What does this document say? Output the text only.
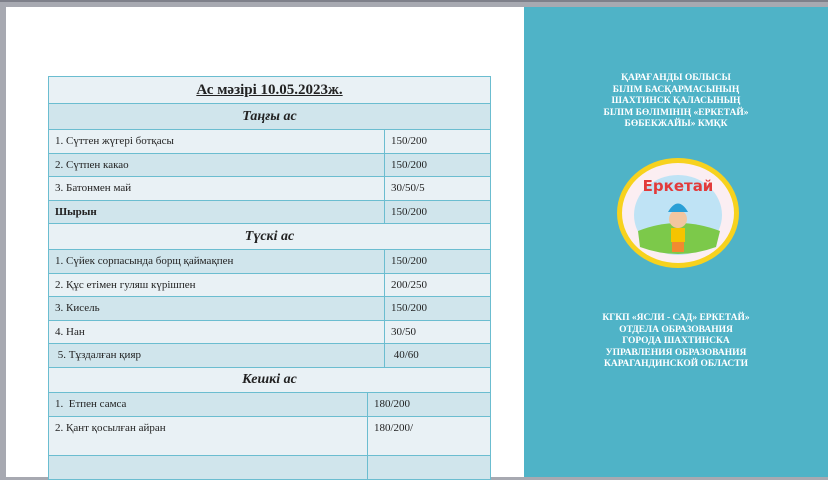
Ас мәзірі 10.05.2023ж.	
Таңғы ас	
1. Сүттен жүгері ботқасы	150/200
2. Сүтпен какао	150/200
3. Батонмен май	30/50/5
Шырын	150/200
Түскі ас	
1. Сүйек сорпасында борщ қаймақпен	150/200
2. Құс етімен гуляш күрішпен	200/250
3. Кисель	150/200
4. Нан	30/50
5. Тұздалған қияр	40/60
Кешкі ас	
1.  Етпен самса	180/200
2. Қант қосылған айран	180/200/

ҚАРАҒАНДЫ ОБЛЫСЫ
БІЛІМ БАСҚАРМАСЫНЫҢ
ШАХТИНСК ҚАЛАСЫНЫҢ
БІЛІМ БӨЛІМІНІҢ «ЕРКЕТАЙ»
БӨБЕКЖАЙЫ» КМҚК
Еркетай
КГКП «ЯСЛИ - САД» ЕРКЕТАЙ»
ОТДЕЛА ОБРАЗОВАНИЯ
ГОРОДА ШАХТИНСКА
УПРАВЛЕНИЯ ОБРАЗОВАНИЯ
КАРАГАНДИНСКОЙ ОБЛАСТИ
